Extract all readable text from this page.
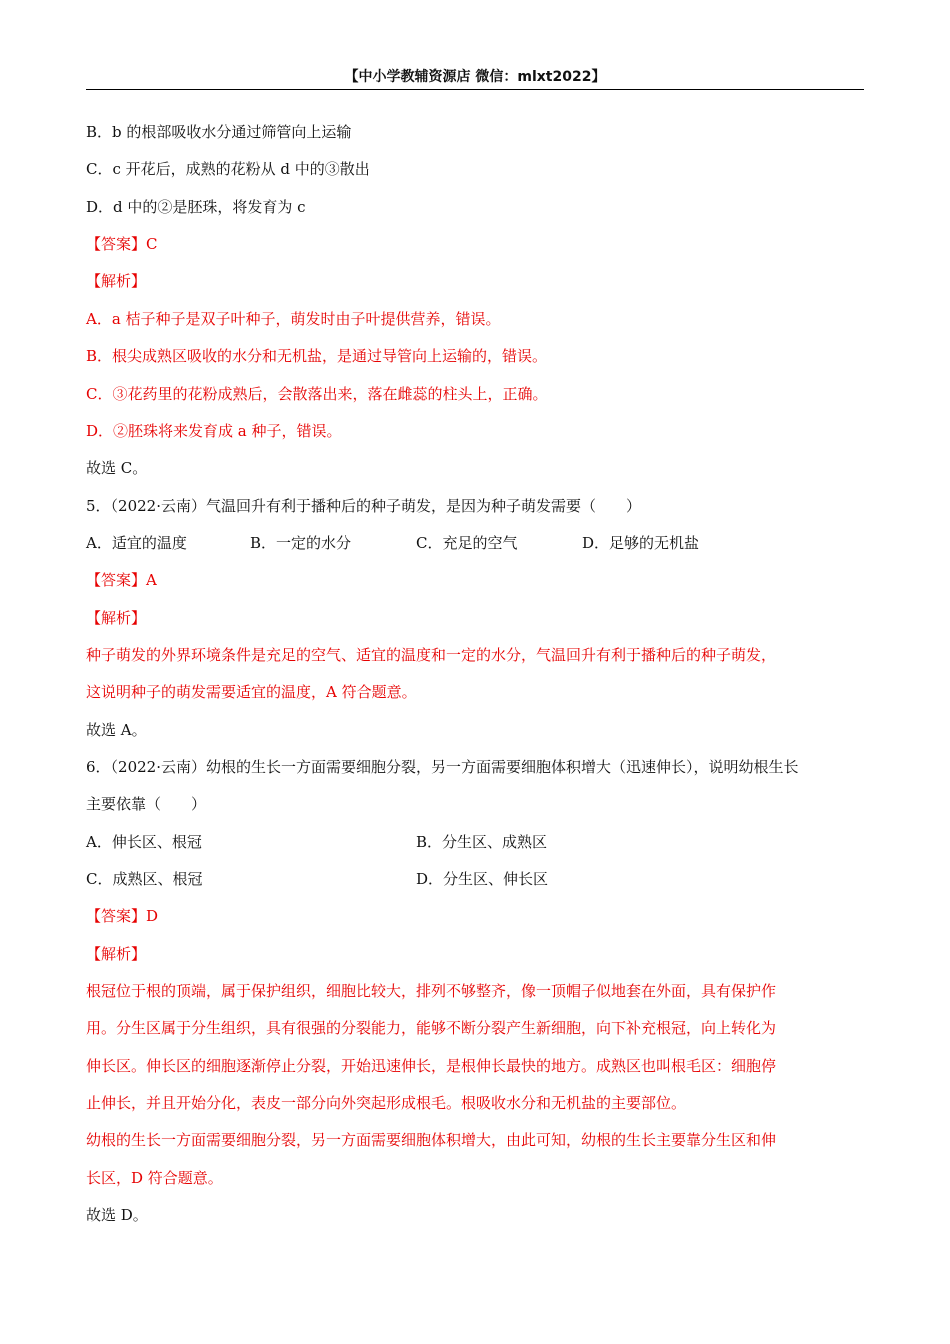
【中小学教辅资源店 微信：mlxt2022】
B．b 的根部吸收水分通过筛管向上运输
C．c 开花后，成熟的花粉从 d 中的③散出
D．d 中的②是胚珠，将发育为 c
【答案】C
【解析】
A．a 桔子种子是双子叶种子，萌发时由子叶提供营养，错误。
B．根尖成熟区吸收的水分和无机盐，是通过导管向上运输的，错误。
C．③花药里的花粉成熟后，会散落出来，落在雌蕊的柱头上，正确。
D．②胚珠将来发育成 a 种子，错误。
故选 C。
5．（2022·云南）气温回升有利于播种后的种子萌发，是因为种子萌发需要（　　）
A．适宜的温度	B．一定的水分	C．充足的空气	D．足够的无机盐
【答案】A
【解析】
种子萌发的外界环境条件是充足的空气、适宜的温度和一定的水分，气温回升有利于播种后的种子萌发，
这说明种子的萌发需要适宜的温度，A 符合题意。
故选 A。
6．（2022·云南）幼根的生长一方面需要细胞分裂，另一方面需要细胞体积增大（迅速伸长），说明幼根生长
主要依靠（　　）
A．伸长区、根冠	B．分生区、成熟区
C．成熟区、根冠	D．分生区、伸长区
【答案】D
【解析】
根冠位于根的顶端，属于保护组织，细胞比较大，排列不够整齐，像一顶帽子似地套在外面，具有保护作
用。分生区属于分生组织，具有很强的分裂能力，能够不断分裂产生新细胞，向下补充根冠，向上转化为
伸长区。伸长区的细胞逐渐停止分裂，开始迅速伸长，是根伸长最快的地方。成熟区也叫根毛区：细胞停
止伸长，并且开始分化，表皮一部分向外突起形成根毛。根吸收水分和无机盐的主要部位。
幼根的生长一方面需要细胞分裂，另一方面需要细胞体积增大，由此可知，幼根的生长主要靠分生区和伸
长区，D 符合题意。
故选 D。
